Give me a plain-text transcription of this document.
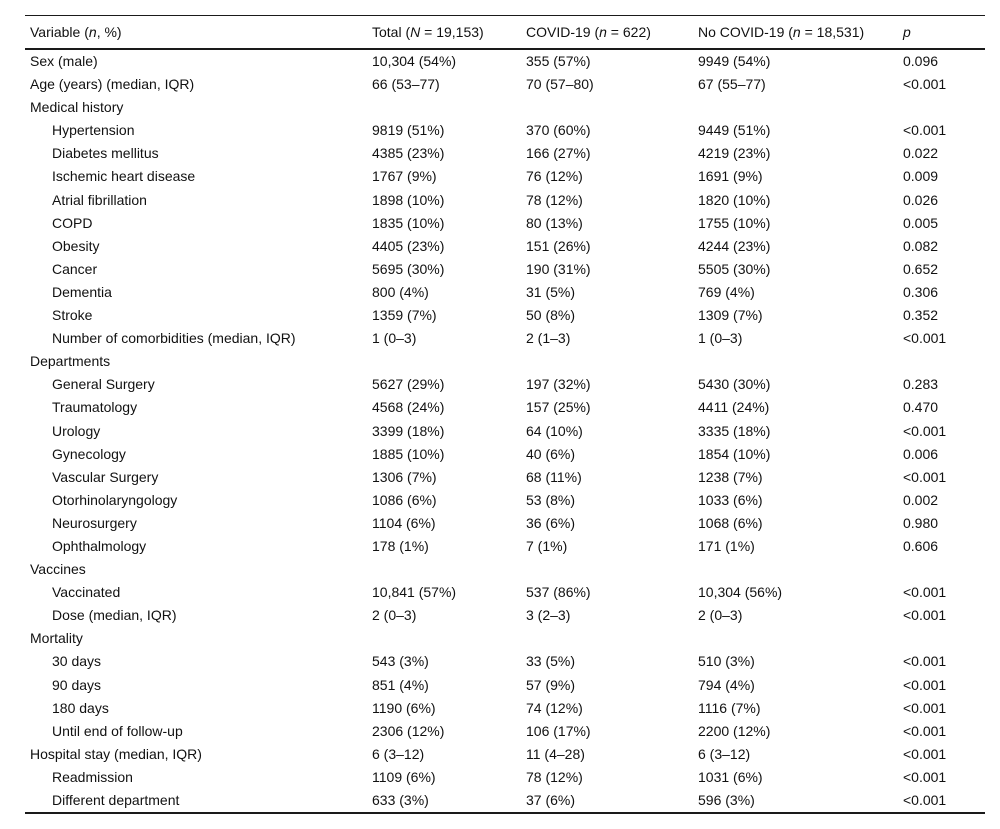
Variable (n, %)	Total (N = 19,153)	COVID-19 (n = 622)	No COVID-19 (n = 18,531)	p
Sex (male)	10,304 (54%)	355 (57%)	9949 (54%)	0.096
Age (years) (median, IQR)	66 (53–77)	70 (57–80)	67 (55–77)	<0.001
Medical history				
Hypertension	9819 (51%)	370 (60%)	9449 (51%)	<0.001
Diabetes mellitus	4385 (23%)	166 (27%)	4219 (23%)	0.022
Ischemic heart disease	1767 (9%)	76 (12%)	1691 (9%)	0.009
Atrial fibrillation	1898 (10%)	78 (12%)	1820 (10%)	0.026
COPD	1835 (10%)	80 (13%)	1755 (10%)	0.005
Obesity	4405 (23%)	151 (26%)	4244 (23%)	0.082
Cancer	5695 (30%)	190 (31%)	5505 (30%)	0.652
Dementia	800 (4%)	31 (5%)	769 (4%)	0.306
Stroke	1359 (7%)	50 (8%)	1309 (7%)	0.352
Number of comorbidities (median, IQR)	1 (0–3)	2 (1–3)	1 (0–3)	<0.001
Departments				
General Surgery	5627 (29%)	197 (32%)	5430 (30%)	0.283
Traumatology	4568 (24%)	157 (25%)	4411 (24%)	0.470
Urology	3399 (18%)	64 (10%)	3335 (18%)	<0.001
Gynecology	1885 (10%)	40 (6%)	1854 (10%)	0.006
Vascular Surgery	1306 (7%)	68 (11%)	1238 (7%)	<0.001
Otorhinolaryngology	1086 (6%)	53 (8%)	1033 (6%)	0.002
Neurosurgery	1104 (6%)	36 (6%)	1068 (6%)	0.980
Ophthalmology	178 (1%)	7 (1%)	171 (1%)	0.606
Vaccines				
Vaccinated	10,841 (57%)	537 (86%)	10,304 (56%)	<0.001
Dose (median, IQR)	2 (0–3)	3 (2–3)	2 (0–3)	<0.001
Mortality				
30 days	543 (3%)	33 (5%)	510 (3%)	<0.001
90 days	851 (4%)	57 (9%)	794 (4%)	<0.001
180 days	1190 (6%)	74 (12%)	1116 (7%)	<0.001
Until end of follow-up	2306 (12%)	106 (17%)	2200 (12%)	<0.001
Hospital stay (median, IQR)	6 (3–12)	11 (4–28)	6 (3–12)	<0.001
Readmission	1109 (6%)	78 (12%)	1031 (6%)	<0.001
Different department	633 (3%)	37 (6%)	596 (3%)	<0.001
